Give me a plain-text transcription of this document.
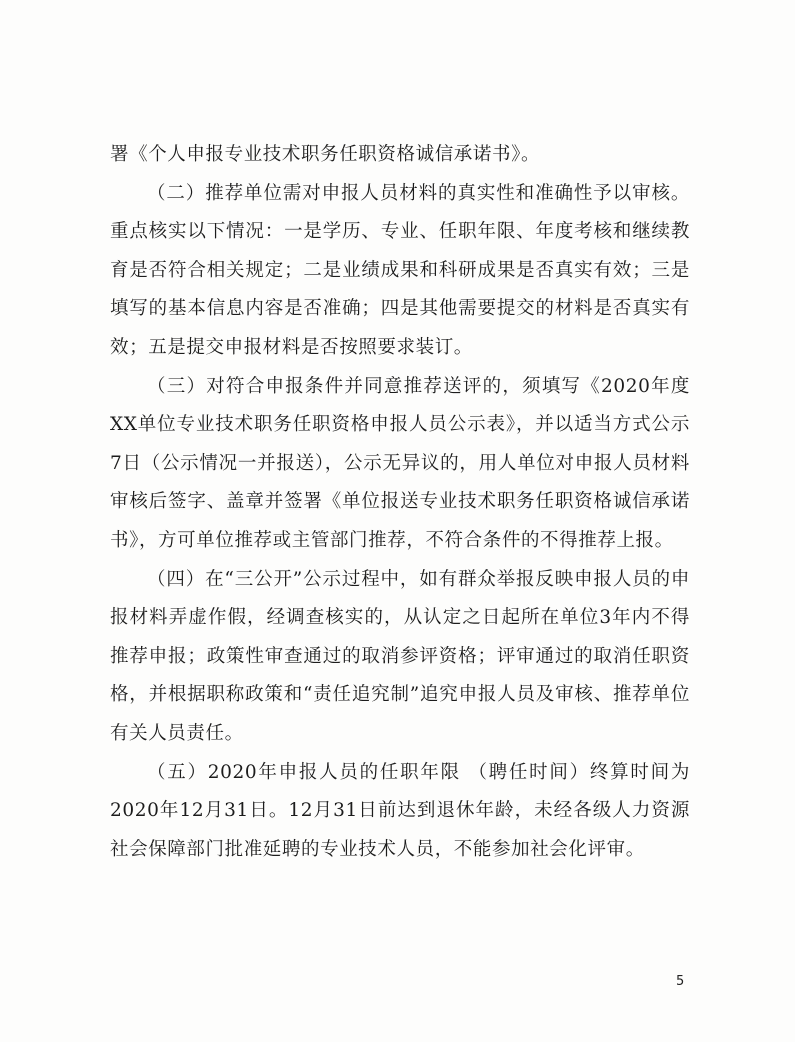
署《个人申报专业技术职务任职资格诚信承诺书》。

（二）推荐单位需对申报人员材料的真实性和准确性予以审核。重点核实以下情况：一是学历、专业、任职年限、年度考核和继续教育是否符合相关规定；二是业绩成果和科研成果是否真实有效；三是填写的基本信息内容是否准确；四是其他需要提交的材料是否真实有效；五是提交申报材料是否按照要求装订。

（三）对符合申报条件并同意推荐送评的，须填写《2020年度XX单位专业技术职务任职资格申报人员公示表》，并以适当方式公示7日（公示情况一并报送），公示无异议的，用人单位对申报人员材料审核后签字、盖章并签署《单位报送专业技术职务任职资格诚信承诺书》，方可单位推荐或主管部门推荐，不符合条件的不得推荐上报。

（四）在“三公开”公示过程中，如有群众举报反映申报人员的申报材料弄虚作假，经调查核实的，从认定之日起所在单位3年内不得推荐申报；政策性审查通过的取消参评资格；评审通过的取消任职资格，并根据职称政策和“责任追究制”追究申报人员及审核、推荐单位有关人员责任。

（五）2020年申报人员的任职年限 （聘任时间）终算时间为2020年12月31日。12月31日前达到退休年龄，未经各级人力资源社会保障部门批准延聘的专业技术人员，不能参加社会化评审。

5
